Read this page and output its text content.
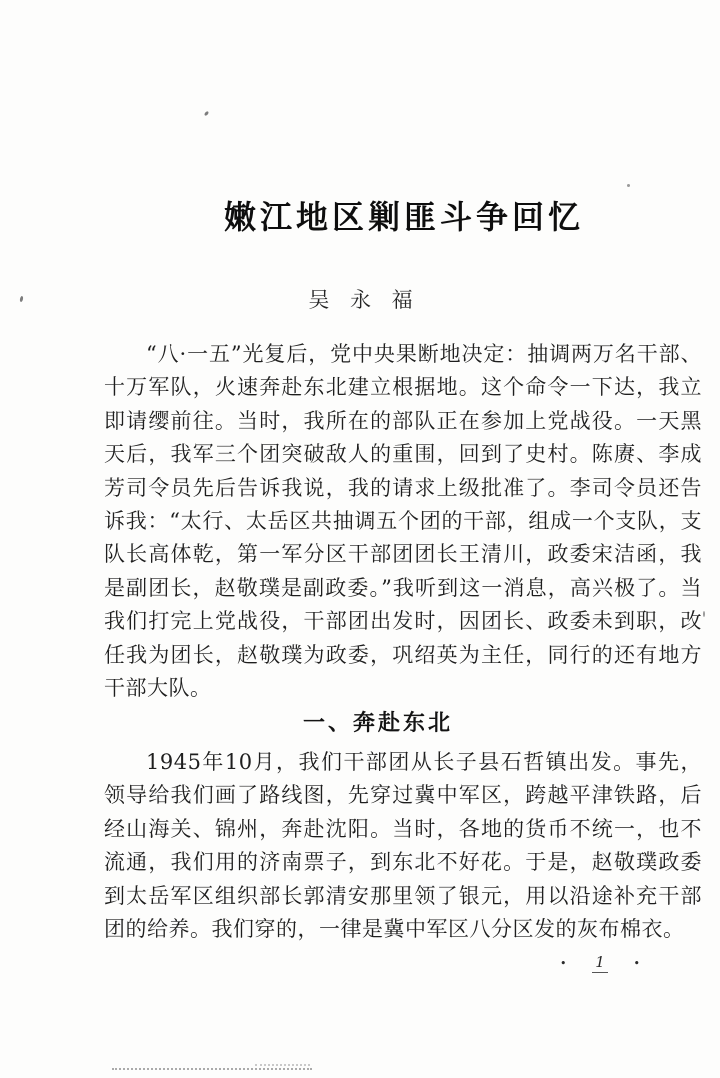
嫩江地区剿匪斗争回忆
吴 永 福

“八·一五”光复后，党中央果断地决定：抽调两万名干部、十万军队，火速奔赴东北建立根据地。这个命令一下达，我立即请缨前往。当时，我所在的部队正在参加上党战役。一天黑天后，我军三个团突破敌人的重围，回到了史村。陈赓、李成芳司令员先后告诉我说，我的请求上级批准了。李司令员还告诉我：“太行、太岳区共抽调五个团的干部，组成一个支队，支队长高体乾，第一军分区干部团团长王清川，政委宋洁函，我是副团长，赵敬璞是副政委。”我听到这一消息，高兴极了。当我们打完上党战役，干部团出发时，因团长、政委未到职，改任我为团长，赵敬璞为政委，巩绍英为主任，同行的还有地方干部大队。

一、奔赴东北

1945年10月，我们干部团从长子县石哲镇出发。事先，领导给我们画了路线图，先穿过冀中军区，跨越平津铁路，后经山海关、锦州，奔赴沈阳。当时，各地的货币不统一，也不流通，我们用的济南票子，到东北不好花。于是，赵敬璞政委到太岳军区组织部长郭清安那里领了银元，用以沿途补充干部团的给养。我们穿的，一律是冀中军区八分区发的灰布棉衣。

• 1	•
